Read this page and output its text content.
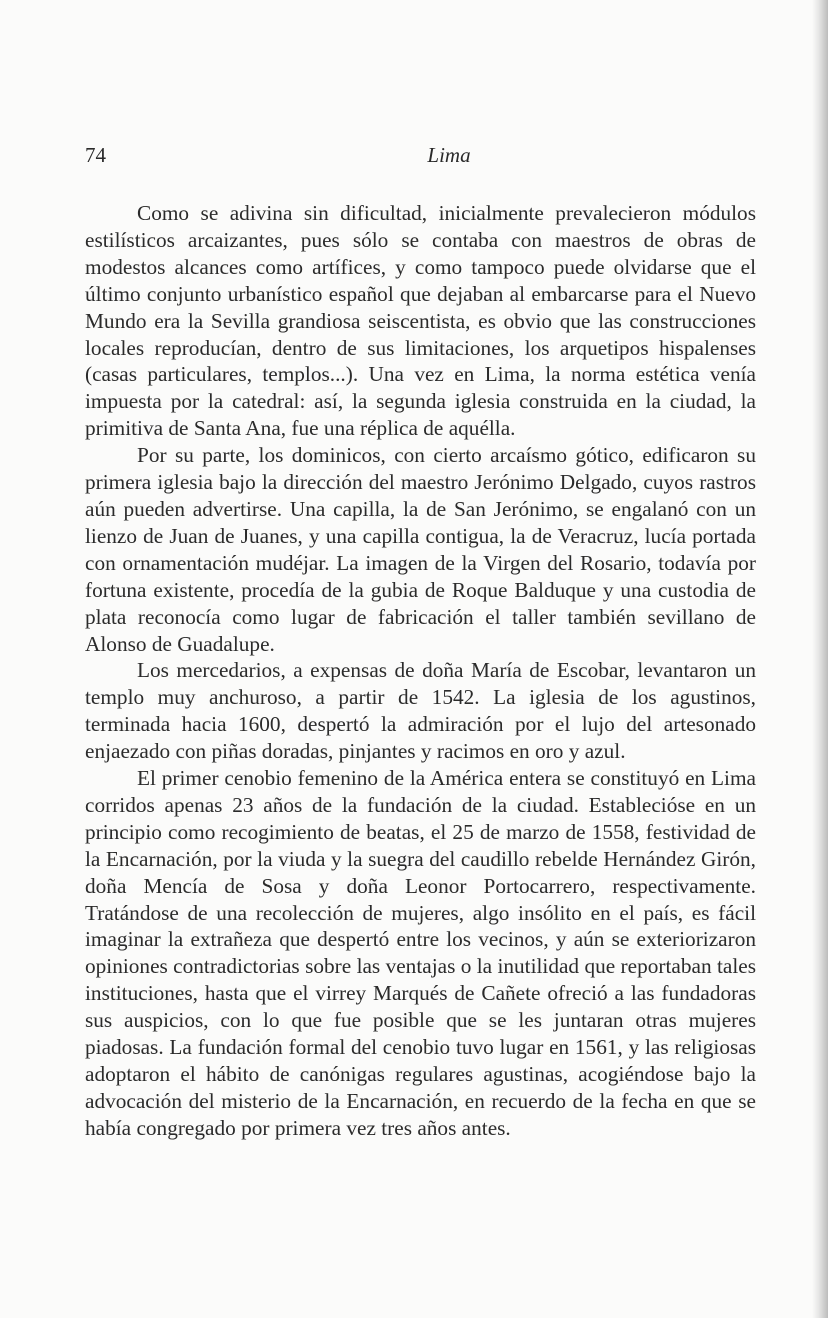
74	Lima

Como se adivina sin dificultad, inicialmente prevalecieron módulos estilísticos arcaizantes, pues sólo se contaba con maestros de obras de modestos alcances como artífices, y como tampoco puede olvidarse que el último conjunto urbanístico español que dejaban al embarcarse para el Nuevo Mundo era la Sevilla grandiosa seiscentista, es obvio que las construcciones locales reproducían, dentro de sus limitaciones, los arquetipos hispalenses (casas particulares, templos...). Una vez en Lima, la norma estética venía impuesta por la catedral: así, la segunda iglesia construida en la ciudad, la primitiva de Santa Ana, fue una réplica de aquélla.

Por su parte, los dominicos, con cierto arcaísmo gótico, edificaron su primera iglesia bajo la dirección del maestro Jerónimo Delgado, cuyos rastros aún pueden advertirse. Una capilla, la de San Jerónimo, se engalanó con un lienzo de Juan de Juanes, y una capilla contigua, la de Veracruz, lucía portada con ornamentación mudéjar. La imagen de la Virgen del Rosario, todavía por fortuna existente, procedía de la gubia de Roque Balduque y una custodia de plata reconocía como lugar de fabricación el taller también sevillano de Alonso de Guadalupe.

Los mercedarios, a expensas de doña María de Escobar, levantaron un templo muy anchuroso, a partir de 1542. La iglesia de los agustinos, terminada hacia 1600, despertó la admiración por el lujo del artesonado enjaezado con piñas doradas, pinjantes y racimos en oro y azul.

El primer cenobio femenino de la América entera se constituyó en Lima corridos apenas 23 años de la fundación de la ciudad. Establecióse en un principio como recogimiento de beatas, el 25 de marzo de 1558, festividad de la Encarnación, por la viuda y la suegra del caudillo rebelde Hernández Girón, doña Mencía de Sosa y doña Leonor Portocarrero, respectivamente. Tratándose de una recolección de mujeres, algo insólito en el país, es fácil imaginar la extrañeza que despertó entre los vecinos, y aún se exteriorizaron opiniones contradictorias sobre las ventajas o la inutilidad que reportaban tales instituciones, hasta que el virrey Marqués de Cañete ofreció a las fundadoras sus auspicios, con lo que fue posible que se les juntaran otras mujeres piadosas. La fundación formal del cenobio tuvo lugar en 1561, y las religiosas adoptaron el hábito de canónigas regulares agustinas, acogiéndose bajo la advocación del misterio de la Encarnación, en recuerdo de la fecha en que se había congregado por primera vez tres años antes.
